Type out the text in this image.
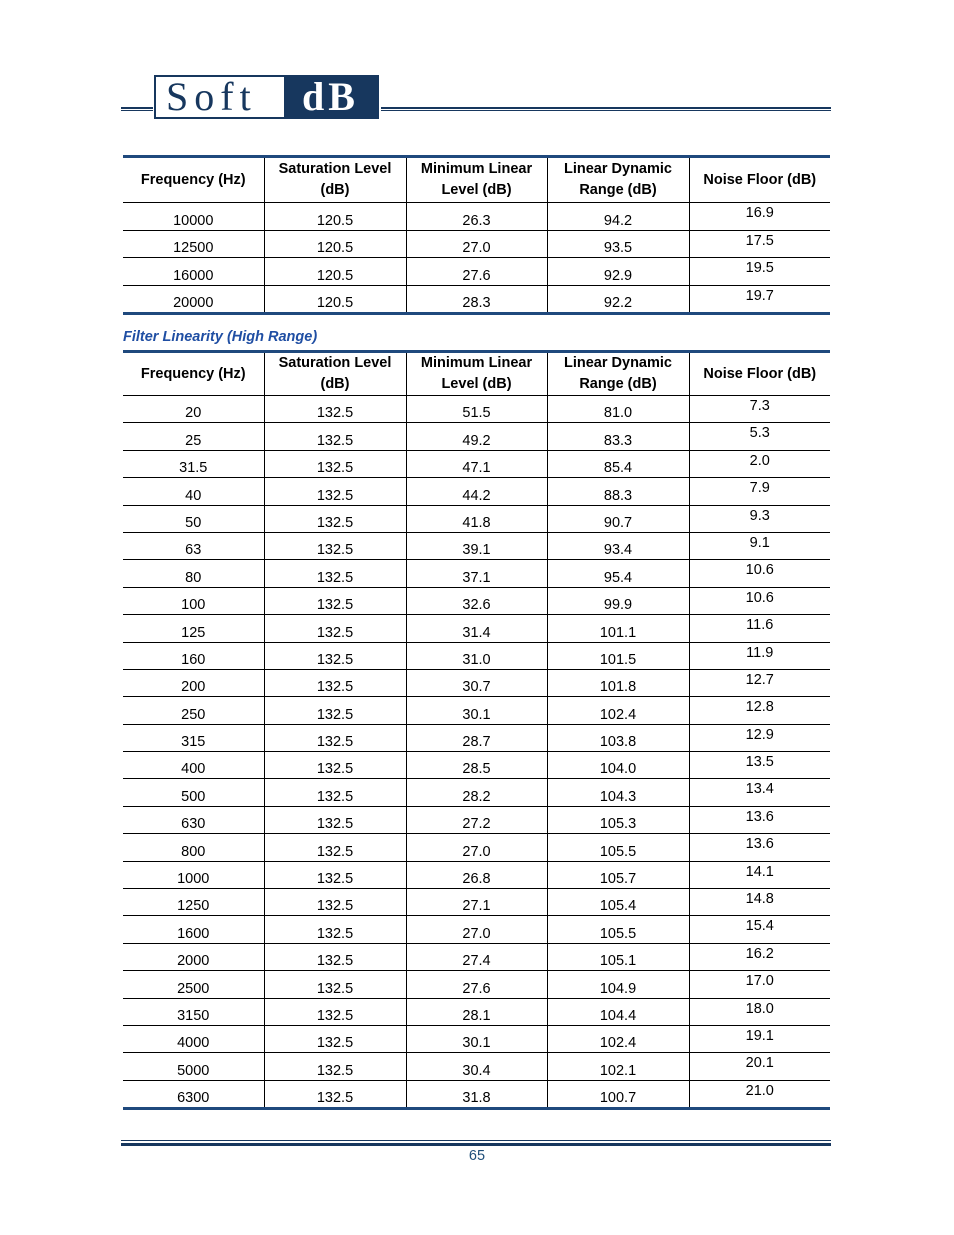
Soft	dB
Frequency (Hz)	Saturation Level (dB)	Minimum Linear Level (dB)	Linear Dynamic Range (dB)	Noise Floor (dB)
10000	120.5	26.3	94.2	16.9
12500	120.5	27.0	93.5	17.5
16000	120.5	27.6	92.9	19.5
20000	120.5	28.3	92.2	19.7
Filter Linearity (High Range)
Frequency (Hz)	Saturation Level (dB)	Minimum Linear Level (dB)	Linear Dynamic Range (dB)	Noise Floor (dB)
20	132.5	51.5	81.0	7.3
25	132.5	49.2	83.3	5.3
31.5	132.5	47.1	85.4	2.0
40	132.5	44.2	88.3	7.9
50	132.5	41.8	90.7	9.3
63	132.5	39.1	93.4	9.1
80	132.5	37.1	95.4	10.6
100	132.5	32.6	99.9	10.6
125	132.5	31.4	101.1	11.6
160	132.5	31.0	101.5	11.9
200	132.5	30.7	101.8	12.7
250	132.5	30.1	102.4	12.8
315	132.5	28.7	103.8	12.9
400	132.5	28.5	104.0	13.5
500	132.5	28.2	104.3	13.4
630	132.5	27.2	105.3	13.6
800	132.5	27.0	105.5	13.6
1000	132.5	26.8	105.7	14.1
1250	132.5	27.1	105.4	14.8
1600	132.5	27.0	105.5	15.4
2000	132.5	27.4	105.1	16.2
2500	132.5	27.6	104.9	17.0
3150	132.5	28.1	104.4	18.0
4000	132.5	30.1	102.4	19.1
5000	132.5	30.4	102.1	20.1
6300	132.5	31.8	100.7	21.0
65
